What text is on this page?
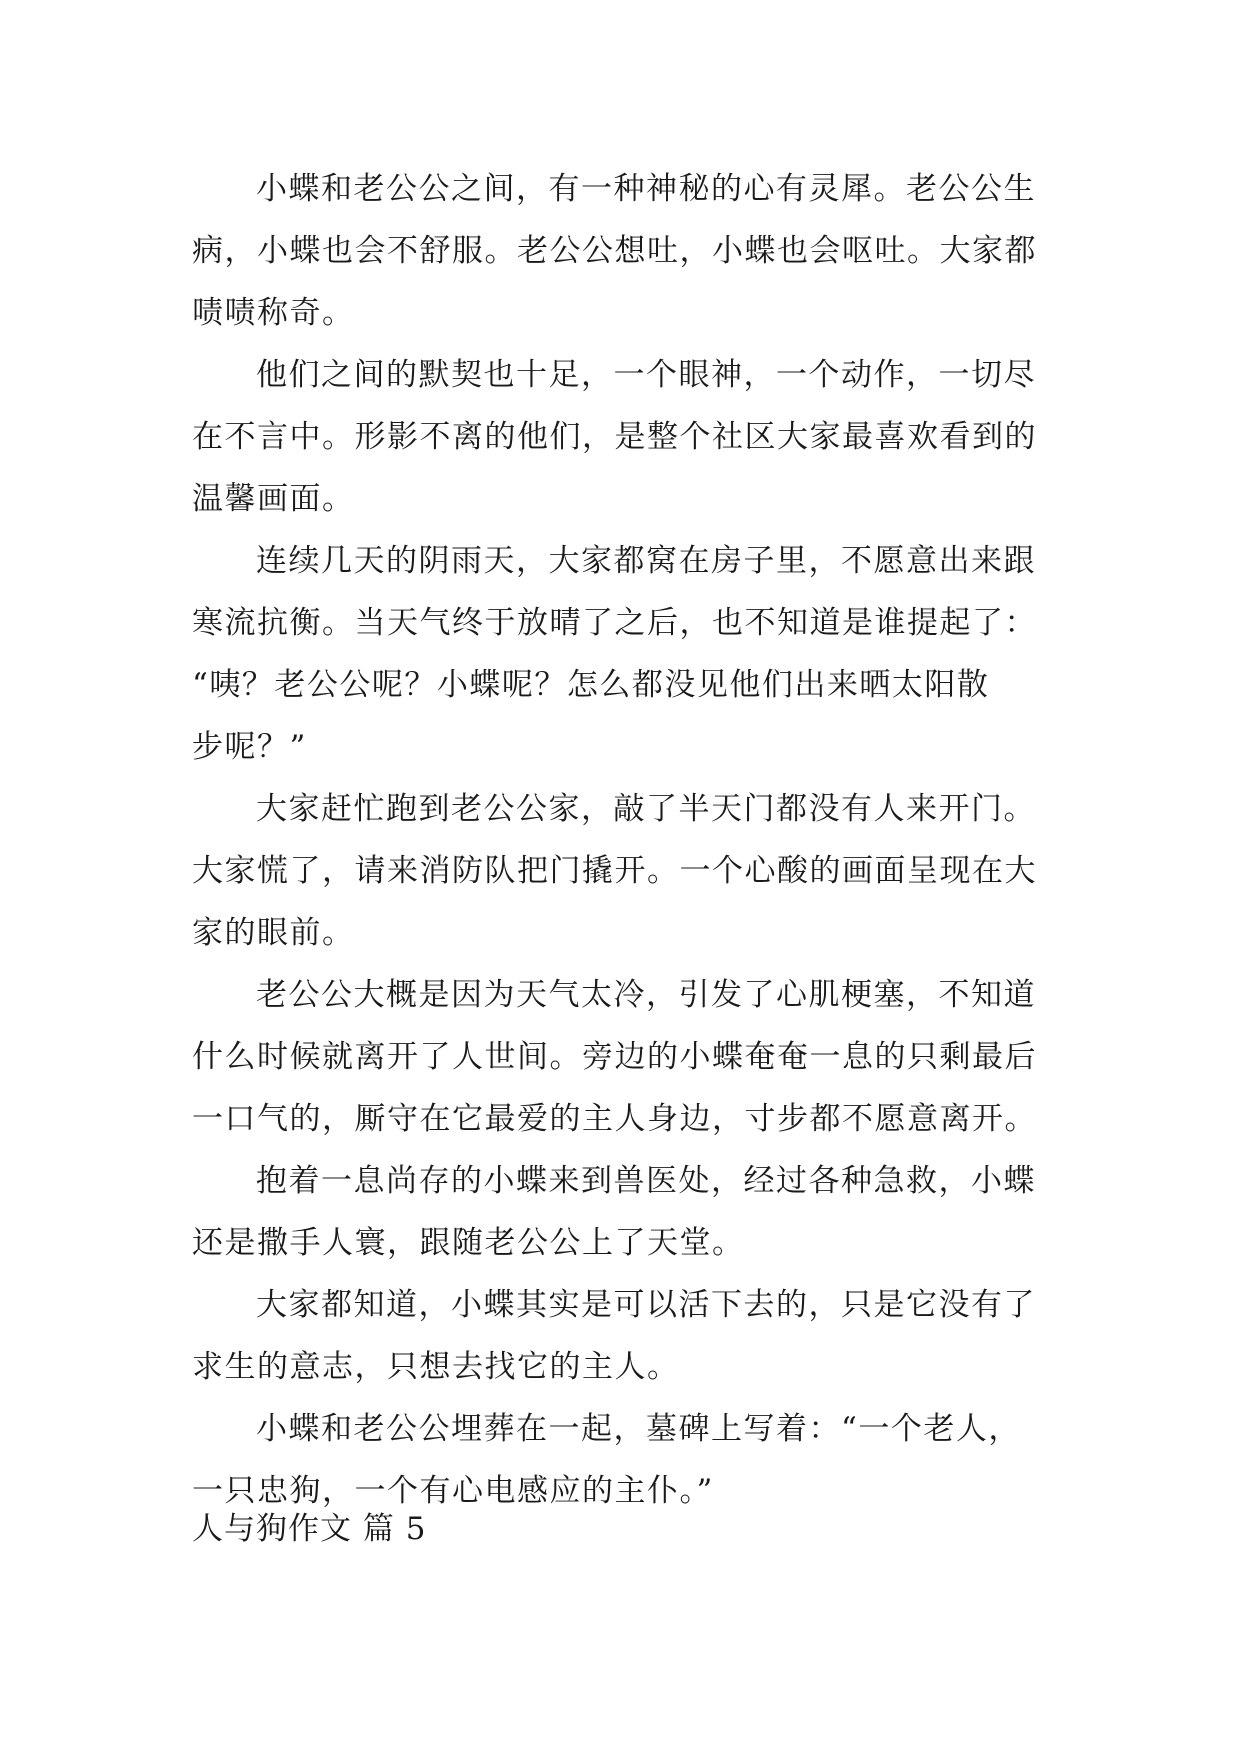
小蝶和老公公之间，有一种神秘的心有灵犀。老公公生
病，小蝶也会不舒服。老公公想吐，小蝶也会呕吐。大家都
啧啧称奇。
他们之间的默契也十足，一个眼神，一个动作，一切尽
在不言中。形影不离的他们，是整个社区大家最喜欢看到的
温馨画面。
连续几天的阴雨天，大家都窝在房子里，不愿意出来跟
寒流抗衡。当天气终于放晴了之后，也不知道是谁提起了：
“咦？老公公呢？小蝶呢？怎么都没见他们出来晒太阳散
步呢？”
大家赶忙跑到老公公家，敲了半天门都没有人来开门。
大家慌了，请来消防队把门撬开。一个心酸的画面呈现在大
家的眼前。
老公公大概是因为天气太冷，引发了心肌梗塞，不知道
什么时候就离开了人世间。旁边的小蝶奄奄一息的只剩最后
一口气的，厮守在它最爱的主人身边，寸步都不愿意离开。
抱着一息尚存的小蝶来到兽医处，经过各种急救，小蝶
还是撒手人寰，跟随老公公上了天堂。
大家都知道，小蝶其实是可以活下去的，只是它没有了
求生的意志，只想去找它的主人。
小蝶和老公公埋葬在一起，墓碑上写着：“一个老人，
一只忠狗，一个有心电感应的主仆。”
人与狗作文 篇 5
